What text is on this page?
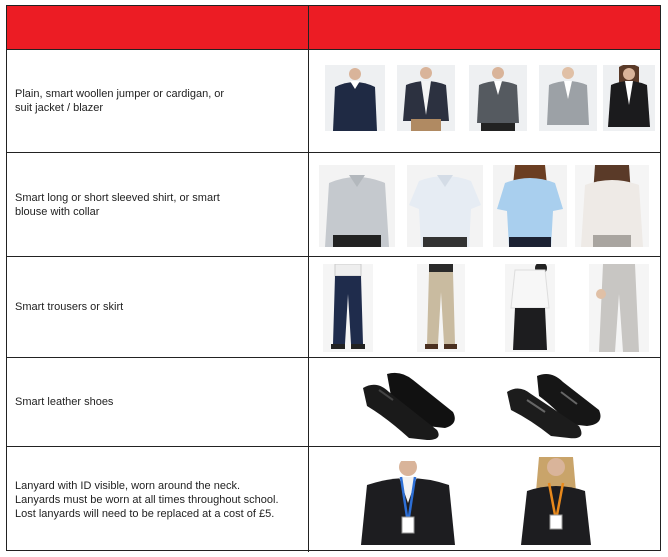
Plain, smart woollen jumper or cardigan, or
suit jacket / blazer
Smart long or short sleeved shirt, or smart
blouse with collar
Smart trousers or skirt
Smart leather shoes
Lanyard with ID visible, worn around the neck.
Lanyards must be worn at all times throughout school.
Lost lanyards will need to be replaced at a cost of £5.
